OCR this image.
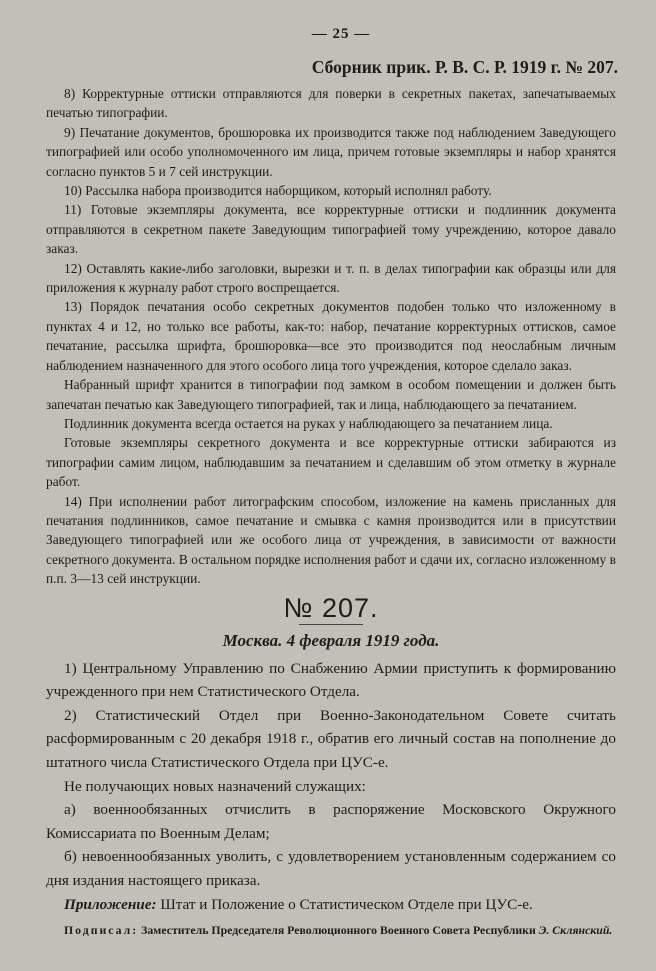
— 25 —
Сборник прик. Р. В. С. Р. 1919 г. № 207.

8) Корректурные оттиски отправляются для поверки в секретных пакетах, запечатываемых печатью типографии.

9) Печатание документов, брошюровка их производится также под наблюдением Заведующего типографией или особо уполномоченного им лица, причем готовые экземпляры и набор хранятся согласно пунктов 5 и 7 сей инструкции.

10) Рассылка набора производится наборщиком, который исполнял работу.

11) Готовые экземпляры документа, все корректурные оттиски и подлинник документа отправляются в секретном пакете Заведующим типографией тому учреждению, которое давало заказ.

12) Оставлять какие-либо заголовки, вырезки и т. п. в делах типографии как образцы или для приложения к журналу работ строго воспрещается.

13) Порядок печатания особо секретных документов подобен только что изложенному в пунктах 4 и 12, но только все работы, как-то: набор, печатание корректурных оттисков, самое печатание, рассылка шрифта, брошюровка—все это производится под неослабным личным наблюдением назначенного для этого особого лица того учреждения, которое сделало заказ.

Набранный шрифт хранится в типографии под замком в особом помещении и должен быть запечатан печатью как Заведующего типографией, так и лица, наблюдающего за печатанием.

Подлинник документа всегда остается на руках у наблюдающего за печатанием лица.

Готовые экземпляры секретного документа и все корректурные оттиски забираются из типографии самим лицом, наблюдавшим за печатанием и сделавшим об этом отметку в журнале работ.

14) При исполнении работ литографским способом, изложение на камень присланных для печатания подлинников, самое печатание и смывка с камня производится или в присутствии Заведующего типографией или же особого лица от учреждения, в зависимости от важности секретного документа. В остальном порядке исполнения работ и сдачи их, согласно изложенному в п.п. 3—13 сей инструкции.

№ 207.
Москва. 4 февраля 1919 года.

1) Центральному Управлению по Снабжению Армии приступить к формированию учрежденного при нем Статистического Отдела.

2) Статистический Отдел при Военно-Законодательном Совете считать расформированным с 20 декабря 1918 г., обратив его личный состав на пополнение до штатного числа Статистического Отдела при ЦУС-е.

Не получающих новых назначений служащих:

а) военнообязанных отчислить в распоряжение Московского Окружного Комиссариата по Военным Делам;

б) невоеннообязанных уволить, с удовлетворением установленным содержанием со дня издания настоящего приказа.

Приложение: Штат и Положение о Статистическом Отделе при ЦУС-е.

Подписал: Заместитель Председателя Революционного Военного Совета Республики Э. Склянский.
